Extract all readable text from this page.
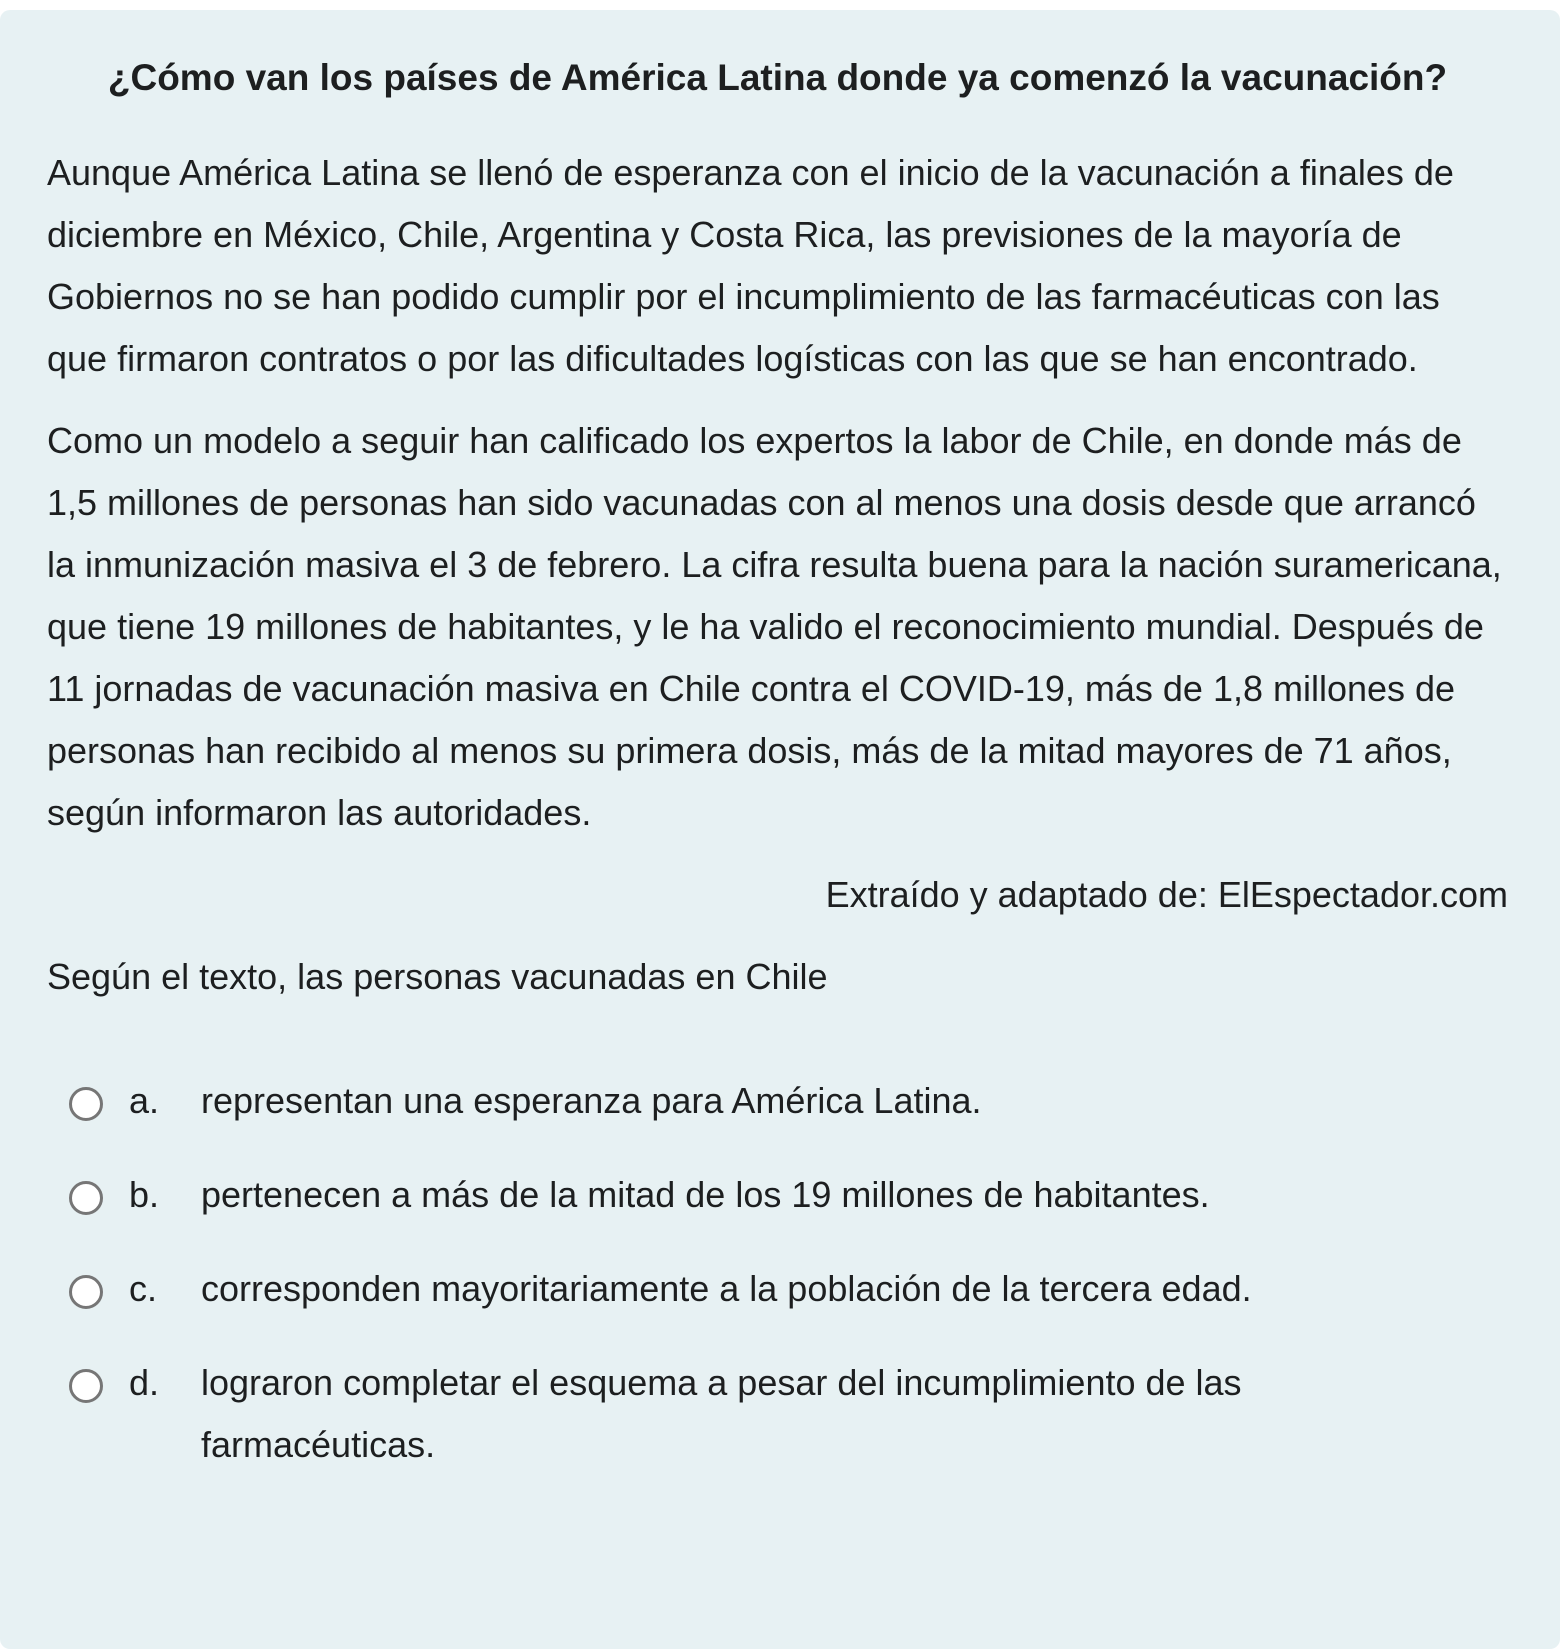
¿Cómo van los países de América Latina donde ya comenzó la vacunación?

Aunque América Latina se llenó de esperanza con el inicio de la vacunación a finales de diciembre en México, Chile, Argentina y Costa Rica, las previsiones de la mayoría de Gobiernos no se han podido cumplir por el incumplimiento de las farmacéuticas con las que firmaron contratos o por las dificultades logísticas con las que se han encontrado.

Como un modelo a seguir han calificado los expertos la labor de Chile, en donde más de 1,5 millones de personas han sido vacunadas con al menos una dosis desde que arrancó la inmunización masiva el 3 de febrero. La cifra resulta buena para la nación suramericana, que tiene 19 millones de habitantes, y le ha valido el reconocimiento mundial. Después de 11 jornadas de vacunación masiva en Chile contra el COVID-19, más de 1,8 millones de personas han recibido al menos su primera dosis, más de la mitad mayores de 71 años, según informaron las autoridades.

Extraído y adaptado de: ElEspectador.com

Según el texto, las personas vacunadas en Chile

a.	representan una esperanza para América Latina.
b.	pertenecen a más de la mitad de los 19 millones de habitantes.
c.	corresponden mayoritariamente a la población de la tercera edad.
d.	lograron completar el esquema a pesar del incumplimiento de las farmacéuticas.
